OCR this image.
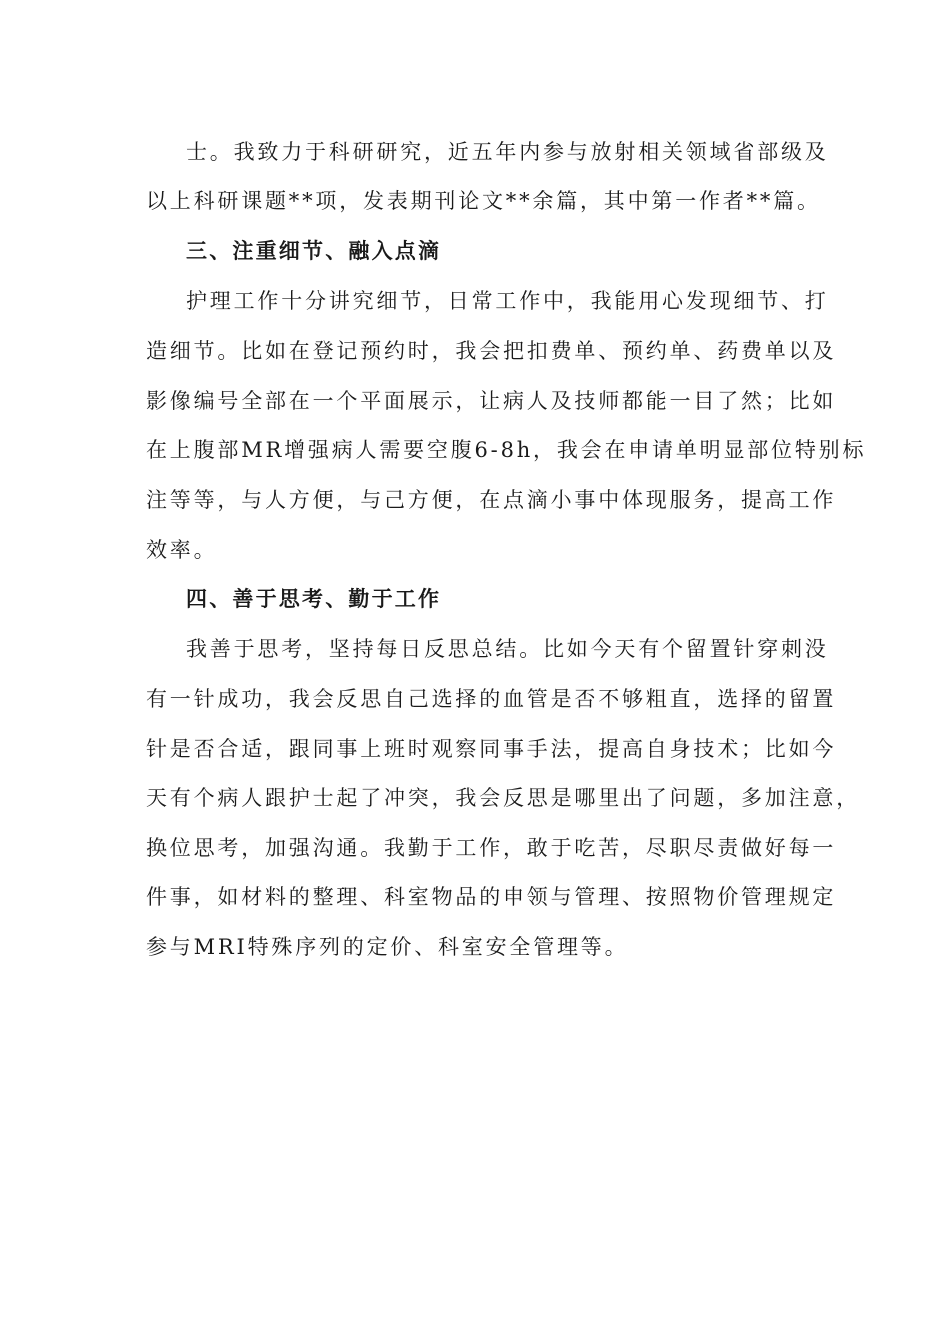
士。我致力于科研研究，近五年内参与放射相关领域省部级及

以上科研课题**项，发表期刊论文**余篇，其中第一作者**篇。

三、注重细节、融入点滴

护理工作十分讲究细节，日常工作中，我能用心发现细节、打

造细节。比如在登记预约时，我会把扣费单、预约单、药费单以及

影像编号全部在一个平面展示，让病人及技师都能一目了然；比如

在上腹部MR增强病人需要空腹6-8h，我会在申请单明显部位特别标

注等等，与人方便，与己方便，在点滴小事中体现服务，提高工作

效率。

四、善于思考、勤于工作

我善于思考，坚持每日反思总结。比如今天有个留置针穿刺没

有一针成功，我会反思自己选择的血管是否不够粗直，选择的留置

针是否合适，跟同事上班时观察同事手法，提高自身技术；比如今

天有个病人跟护士起了冲突，我会反思是哪里出了问题，多加注意，

换位思考，加强沟通。我勤于工作，敢于吃苦，尽职尽责做好每一

件事，如材料的整理、科室物品的申领与管理、按照物价管理规定

参与MRI特殊序列的定价、科室安全管理等。
